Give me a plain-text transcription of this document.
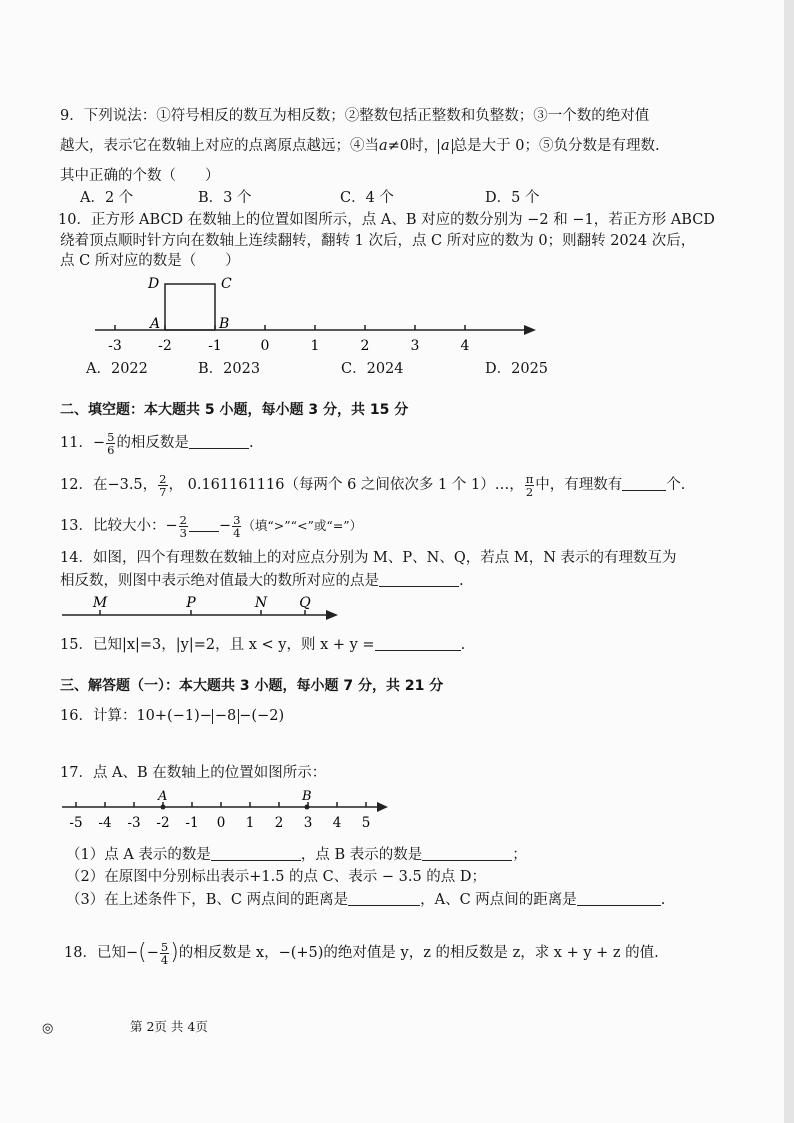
9．下列说法：①符号相反的数互为相反数；②整数包括正整数和负整数；③一个数的绝对值
越大，表示它在数轴上对应的点离原点越远；④当a≠0时， a 总是大于 0；⑤负分数是有理数.
其中正确的个数（　　）
A．2 个	B．3 个	C．4 个	D．5 个
10．正方形 ABCD 在数轴上的位置如图所示，点 A、B 对应的数分别为 −2 和 −1，若正方形 ABCD
绕着顶点顺时针方向在数轴上连续翻转，翻转 1 次后，点 C 所对应的数为 0；则翻转 2024 次后，
点 C 所对应的数是（　　）
-3	-2	-1	0	1	2	3	4
D	C
A	B
A．2022	B．2023	C．2024	D．2025
二、填空题：本大题共 5 小题，每小题 3 分，共 15 分
11．− $\frac{5}{6}$ 的相反数是	.
12．在−3.5， $\frac{2}{7}$ ， 0.161161116（每两个 6 之间依次多 1 个 1）…， $\frac{\pi}{2}$ 中，有理数有	个.
13．比较大小：− $\frac{2}{3} - \frac{3}{4}$ （填“>”“<”或“=”）
14．如图，四个有理数在数轴上的对应点分别为 M、P、N、Q，若点 M，N 表示的有理数互为
相反数，则图中表示绝对值最大的数所对应的点是	.
M	P	N Q
15．已知|x|=3，|y|=2，且 x < y，则 x + y =	.
三、解答题（一）：本大题共 3 小题，每小题 7 分，共 21 分
16．计算：10+(−1)− −8 −(−2)
17．点 A、B 在数轴上的位置如图所示：
-5 -4 -3 -2 -1 0 1 2 3 4 5
A	B
（1）点 A 表示的数是	，点 B 表示的数是	；
（2）在原图中分别标出表示+1.5 的点 C、表示 − 3.5 的点 D；
（3）在上述条件下，B、C 两点间的距离是	，A、C 两点间的距离是	.
18．已知−(− $\frac{5}{4}$ )的相反数是 x，−(+5)的绝对值是 y，z 的相反数是 z，求 x + y + z 的值.
◎	第 2页 共 4页
